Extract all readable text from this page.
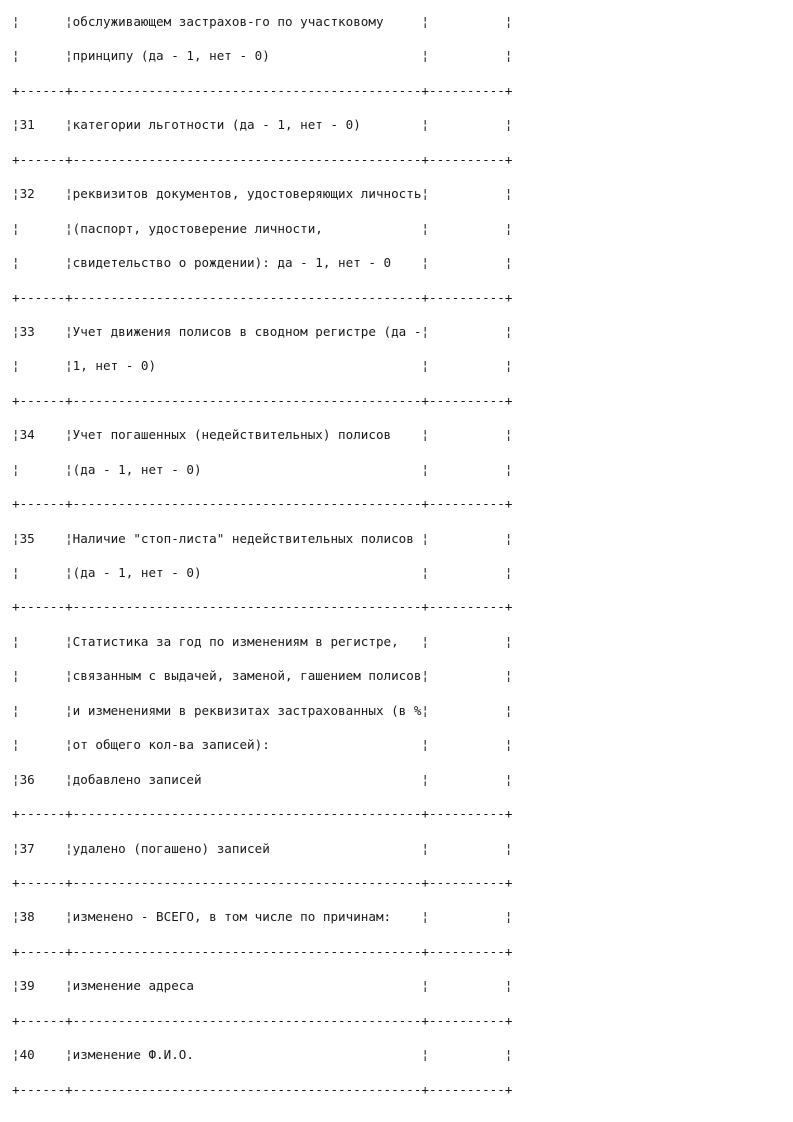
¦      ¦обслуживающем застрахов-го по участковому     ¦          ¦
¦      ¦принципу (да - 1, нет - 0)                    ¦          ¦
+------+----------------------------------------------+----------+
¦31    ¦категории льготности (да - 1, нет - 0)        ¦          ¦
+------+----------------------------------------------+----------+
¦32    ¦реквизитов документов, удостоверяющих личность¦          ¦
¦      ¦(паспорт, удостоверение личности,             ¦          ¦
¦      ¦свидетельство о рождении): да - 1, нет - 0    ¦          ¦
+------+----------------------------------------------+----------+
¦33    ¦Учет движения полисов в сводном регистре (да -¦          ¦
¦      ¦1, нет - 0)                                   ¦          ¦
+------+----------------------------------------------+----------+
¦34    ¦Учет погашенных (недействительных) полисов    ¦          ¦
¦      ¦(да - 1, нет - 0)                             ¦          ¦
+------+----------------------------------------------+----------+
¦35    ¦Наличие "стоп-листа" недействительных полисов ¦          ¦
¦      ¦(да - 1, нет - 0)                             ¦          ¦
+------+----------------------------------------------+----------+
¦      ¦Статистика за год по изменениям в регистре,   ¦          ¦
¦      ¦связанным с выдачей, заменой, гашением полисов¦          ¦
¦      ¦и изменениями в реквизитах застрахованных (в %¦          ¦
¦      ¦от общего кол-ва записей):                    ¦          ¦
¦36    ¦добавлено записей                             ¦          ¦
+------+----------------------------------------------+----------+
¦37    ¦удалено (погашено) записей                    ¦          ¦
+------+----------------------------------------------+----------+
¦38    ¦изменено - ВСЕГО, в том числе по причинам:    ¦          ¦
+------+----------------------------------------------+----------+
¦39    ¦изменение адреса                              ¦          ¦
+------+----------------------------------------------+----------+
¦40    ¦изменение Ф.И.О.                              ¦          ¦
+------+----------------------------------------------+----------+
